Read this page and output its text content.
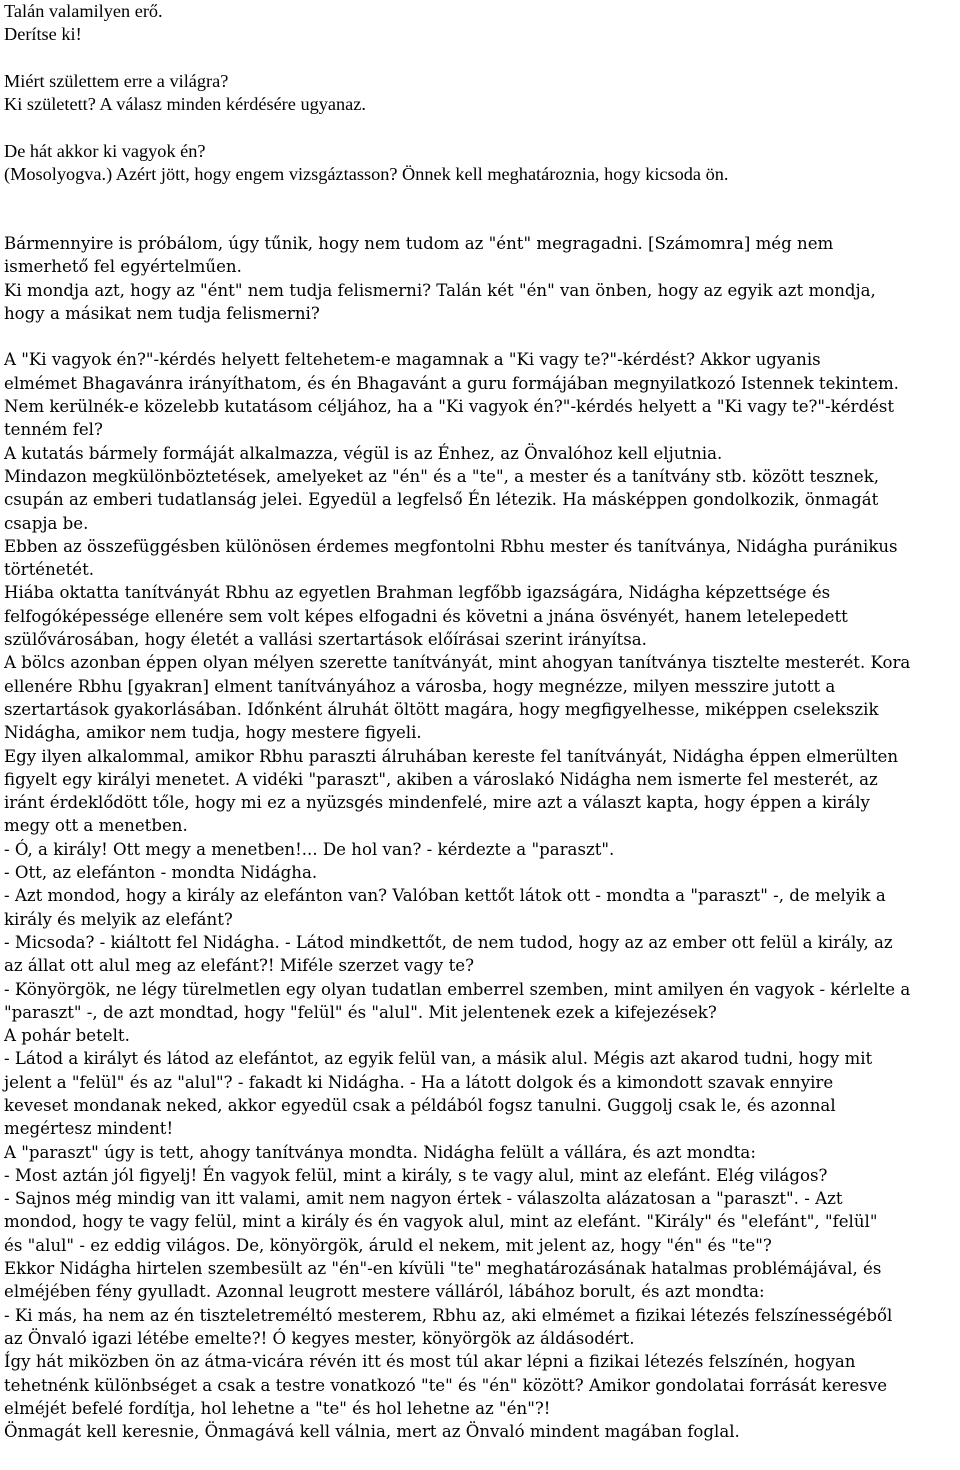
Talán valamilyen erő.

Derítse ki!

Miért születtem erre a világra?

Ki született? A válasz minden kérdésére ugyanaz.

De hát akkor ki vagyok én?

(Mosolyogva.) Azért jött, hogy engem vizsgáztasson? Önnek kell meghatároznia, hogy kicsoda ön.

Bármennyire is próbálom, úgy tűnik, hogy nem tudom az "ént" megragadni. [Számomra] még nem

ismerhető fel egyértelműen.

Ki mondja azt, hogy az "ént" nem tudja felismerni? Talán két "én" van önben, hogy az egyik azt mondja,

hogy a másikat nem tudja felismerni?

A "Ki vagyok én?"-kérdés helyett feltehetem-e magamnak a "Ki vagy te?"-kérdést? Akkor ugyanis

elmémet Bhagavánra irányíthatom, és én Bhagavánt a guru formájában megnyilatkozó Istennek tekintem.

Nem kerülnék-e közelebb kutatásom céljához, ha a "Ki vagyok én?"-kérdés helyett a "Ki vagy te?"-kérdést

tenném fel?

A kutatás bármely formáját alkalmazza, végül is az Énhez, az Önvalóhoz kell eljutnia.

Mindazon megkülönböztetések, amelyeket az "én" és a "te", a mester és a tanítvány stb. között tesznek,

csupán az emberi tudatlanság jelei. Egyedül a legfelső Én létezik. Ha másképpen gondolkozik, önmagát

csapja be.

Ebben az összefüggésben különösen érdemes megfontolni Rbhu mester és tanítványa, Nidágha puránikus

történetét.

Hiába oktatta tanítványát Rbhu az egyetlen Brahman legfőbb igazságára, Nidágha képzettsége és

felfogóképessége ellenére sem volt képes elfogadni és követni a jnána ösvényét, hanem letelepedett

szülővárosában, hogy életét a vallási szertartások előírásai szerint irányítsa.

A bölcs azonban éppen olyan mélyen szerette tanítványát, mint ahogyan tanítványa tisztelte mesterét. Kora

ellenére Rbhu [gyakran] elment tanítványához a városba, hogy megnézze, milyen messzire jutott a

szertartások gyakorlásában. Időnként álruhát öltött magára, hogy megfigyelhesse, miképpen cselekszik

Nidágha, amikor nem tudja, hogy mestere figyeli.

Egy ilyen alkalommal, amikor Rbhu paraszti álruhában kereste fel tanítványát, Nidágha éppen elmerülten

figyelt egy királyi menetet. A vidéki "paraszt", akiben a városlakó Nidágha nem ismerte fel mesterét, az

iránt érdeklődött tőle, hogy mi ez a nyüzsgés mindenfelé, mire azt a választ kapta, hogy éppen a király

megy ott a menetben.

- Ó, a király! Ott megy a menetben!... De hol van? - kérdezte a "paraszt".

- Ott, az elefánton - mondta Nidágha.

- Azt mondod, hogy a király az elefánton van? Valóban kettőt látok ott - mondta a "paraszt" -, de melyik a

király és melyik az elefánt?

- Micsoda? - kiáltott fel Nidágha. - Látod mindkettőt, de nem tudod, hogy az az ember ott felül a király, az

az állat ott alul meg az elefánt?! Miféle szerzet vagy te?

- Könyörgök, ne légy türelmetlen egy olyan tudatlan emberrel szemben, mint amilyen én vagyok - kérlelte a

"paraszt" -, de azt mondtad, hogy "felül" és "alul". Mit jelentenek ezek a kifejezések?

A pohár betelt.

- Látod a királyt és látod az elefántot, az egyik felül van, a másik alul. Mégis azt akarod tudni, hogy mit

jelent a "felül" és az "alul"? - fakadt ki Nidágha. - Ha a látott dolgok és a kimondott szavak ennyire

keveset mondanak neked, akkor egyedül csak a példából fogsz tanulni. Guggolj csak le, és azonnal

megértesz mindent!

A "paraszt" úgy is tett, ahogy tanítványa mondta. Nidágha felült a vállára, és azt mondta:

- Most aztán jól figyelj! Én vagyok felül, mint a király, s te vagy alul, mint az elefánt. Elég világos?

- Sajnos még mindig van itt valami, amit nem nagyon értek - válaszolta alázatosan a "paraszt". - Azt

mondod, hogy te vagy felül, mint a király és én vagyok alul, mint az elefánt. "Király" és "elefánt", "felül"

és "alul" - ez eddig világos. De, könyörgök, áruld el nekem, mit jelent az, hogy "én" és "te"?

Ekkor Nidágha hirtelen szembesült az "én"-en kívüli "te" meghatározásának hatalmas problémájával, és

elméjében fény gyulladt. Azonnal leugrott mestere válláról, lábához borult, és azt mondta:

- Ki más, ha nem az én tiszteletreméltó mesterem, Rbhu az, aki elmémet a fizikai létezés felszínességéből

az Önvaló igazi létébe emelte?! Ó kegyes mester, könyörgök az áldásodért.

Így hát miközben ön az átma-vicára révén itt és most túl akar lépni a fizikai létezés felszínén, hogyan

tehetnénk különbséget a csak a testre vonatkozó "te" és "én" között? Amikor gondolatai forrását keresve

elméjét befelé fordítja, hol lehetne a "te" és hol lehetne az "én"?!

Önmagát kell keresnie, Önmagává kell válnia, mert az Önvaló mindent magában foglal.
